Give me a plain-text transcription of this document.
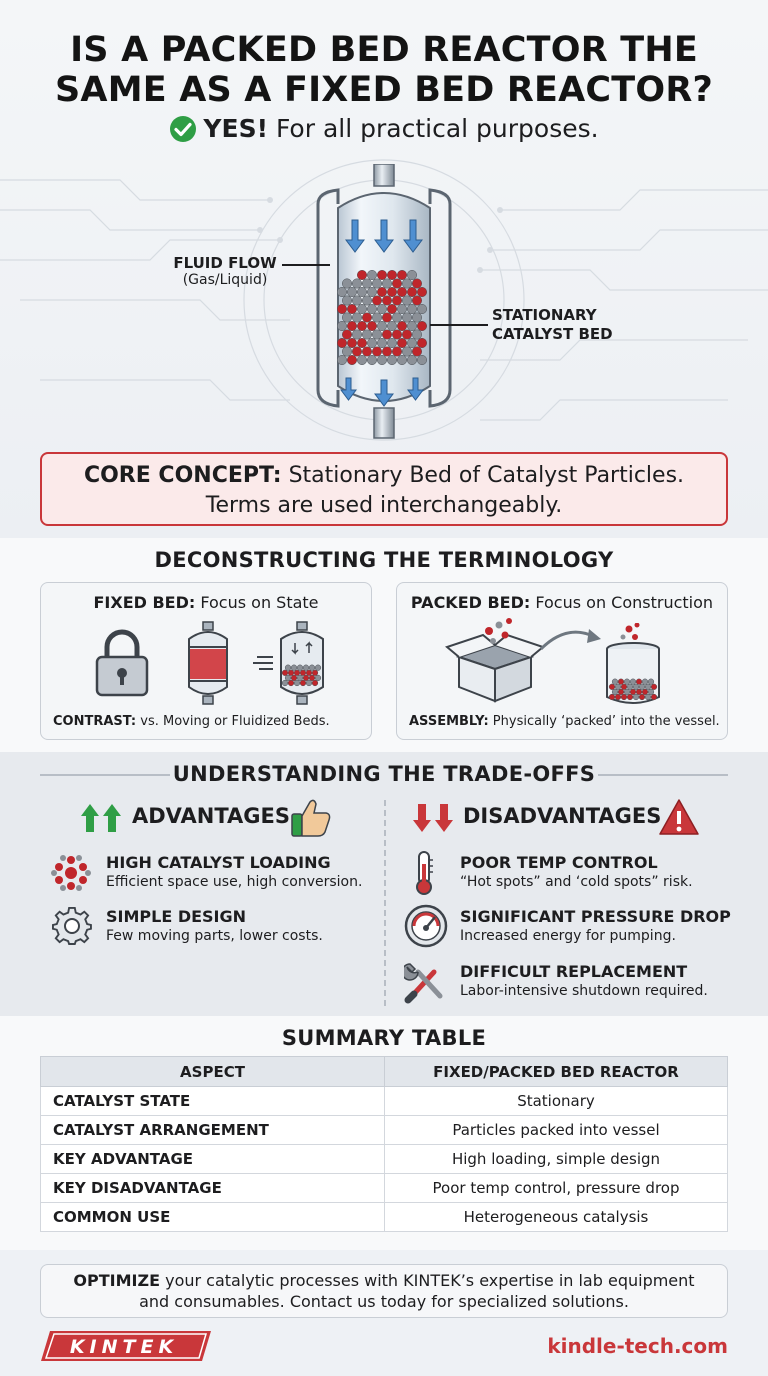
IS A PACKED BED REACTOR THE
SAME AS A FIXED BED REACTOR?
YES! For all practical purposes.
FLUID FLOW
(Gas/Liquid)
STATIONARY
CATALYST BED
CORE CONCEPT: Stationary Bed of Catalyst Particles.
Terms are used interchangeably.
DECONSTRUCTING THE TERMINOLOGY
FIXED BED: Focus on State
CONTRAST: vs. Moving or Fluidized Beds.
PACKED BED: Focus on Construction
ASSEMBLY: Physically ‘packed’ into the vessel.
UNDERSTANDING THE TRADE-OFFS
ADVANTAGES
HIGH CATALYST LOADING
Efficient space use, high conversion.
SIMPLE DESIGN
Few moving parts, lower costs.
DISADVANTAGES
POOR TEMP CONTROL
“Hot spots” and ‘cold spots” risk.
SIGNIFICANT PRESSURE DROP
Increased energy for pumping.
DIFFICULT REPLACEMENT
Labor-intensive shutdown required.
SUMMARY TABLE
ASPECT	FIXED/PACKED BED REACTOR
CATALYST STATE	Stationary
CATALYST ARRANGEMENT	Particles packed into vessel
KEY ADVANTAGE	High loading, simple design
KEY DISADVANTAGE	Poor temp control, pressure drop
COMMON USE	Heterogeneous catalysis
OPTIMIZE your catalytic processes with KINTEK’s expertise in lab equipment
and consumables. Contact us today for specialized solutions.
KINTEK	kindle-tech.com
